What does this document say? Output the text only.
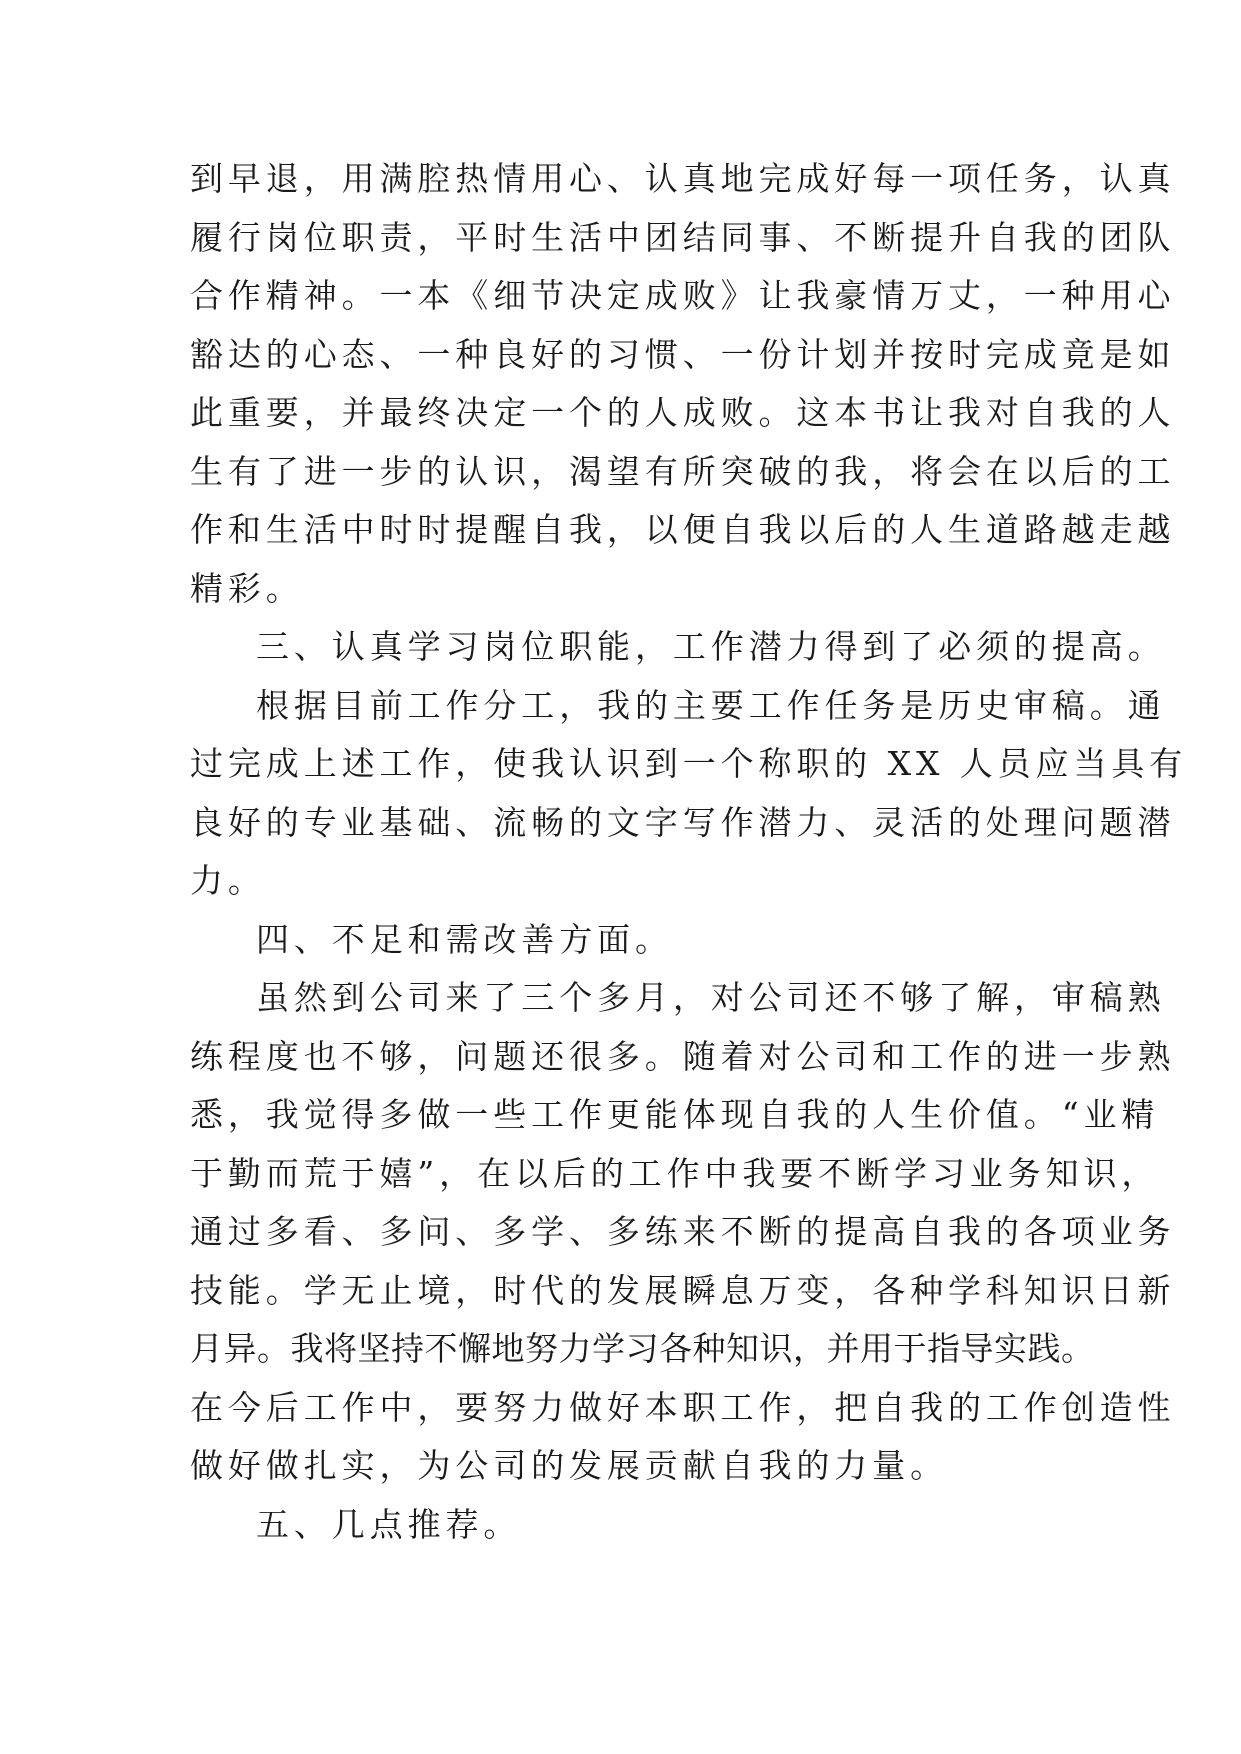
到早退，用满腔热情用心、认真地完成好每一项任务，认真
履行岗位职责，平时生活中团结同事、不断提升自我的团队
合作精神。一本《细节决定成败》让我豪情万丈，一种用心
豁达的心态、一种良好的习惯、一份计划并按时完成竟是如
此重要，并最终决定一个的人成败。这本书让我对自我的人
生有了进一步的认识，渴望有所突破的我，将会在以后的工
作和生活中时时提醒自我，以便自我以后的人生道路越走越
精彩。
三、认真学习岗位职能，工作潜力得到了必须的提高。
根据目前工作分工，我的主要工作任务是历史审稿。通
过完成上述工作，使我认识到一个称职的 XX 人员应当具有
良好的专业基础、流畅的文字写作潜力、灵活的处理问题潜
力。
四、不足和需改善方面。
虽然到公司来了三个多月，对公司还不够了解，审稿熟
练程度也不够，问题还很多。随着对公司和工作的进一步熟
悉，我觉得多做一些工作更能体现自我的人生价值。“业精
于勤而荒于嬉”，在以后的工作中我要不断学习业务知识，
通过多看、多问、多学、多练来不断的提高自我的各项业务
技能。学无止境，时代的发展瞬息万变，各种学科知识日新
月异。我将坚持不懈地努力学习各种知识，并用于指导实践。
在今后工作中，要努力做好本职工作，把自我的工作创造性
做好做扎实，为公司的发展贡献自我的力量。
五、几点推荐。
